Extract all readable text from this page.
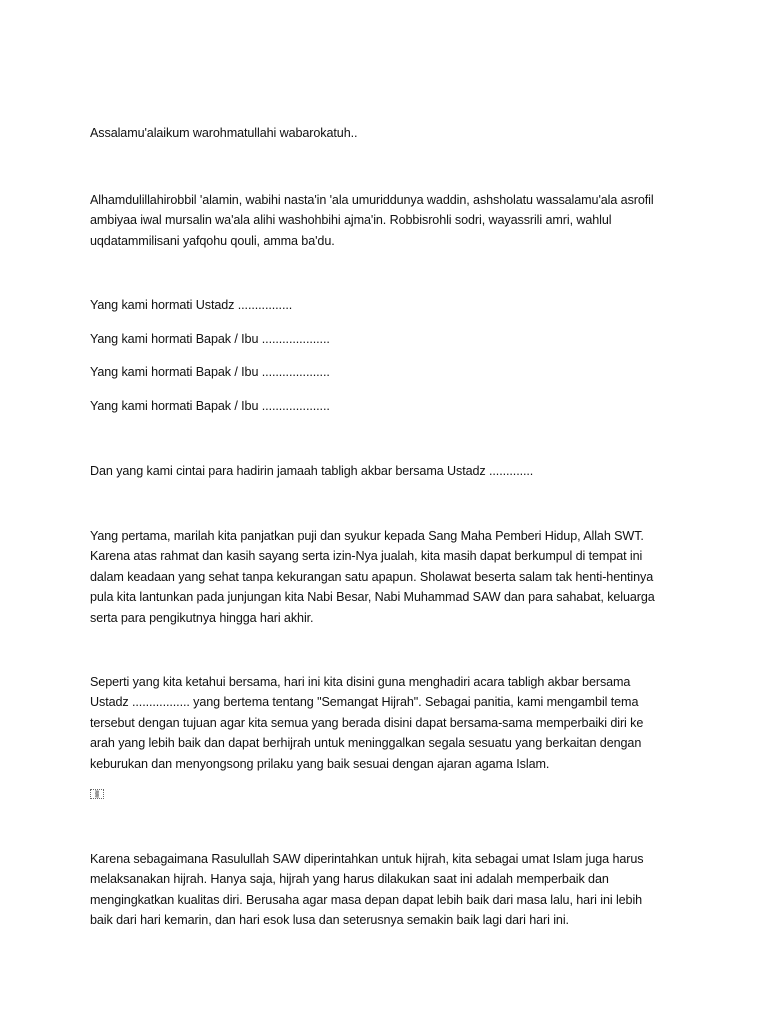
Assalamu'alaikum warohmatullahi wabarokatuh..

Alhamdulillahirobbil 'alamin, wabihi nasta'in 'ala umuriddunya waddin, ashsholatu wassalamu'ala asrofil
ambiyaa iwal mursalin wa'ala alihi washohbihi ajma'in. Robbisrohli sodri, wayassrili amri, wahlul
uqdatammilisani yafqohu qouli, amma ba'du.

Yang kami hormati Ustadz ................

Yang kami hormati Bapak / Ibu ....................

Yang kami hormati Bapak / Ibu ....................

Yang kami hormati Bapak / Ibu ....................

Dan yang kami cintai para hadirin jamaah tabligh akbar bersama Ustadz .............

Yang pertama, marilah kita panjatkan puji dan syukur kepada Sang Maha Pemberi Hidup, Allah SWT.
Karena atas rahmat dan kasih sayang serta izin-Nya jualah, kita masih dapat berkumpul di tempat ini
dalam keadaan yang sehat tanpa kekurangan satu apapun. Sholawat beserta salam tak henti-hentinya
pula kita lantunkan pada junjungan kita Nabi Besar, Nabi Muhammad SAW dan para sahabat, keluarga
serta para pengikutnya hingga hari akhir.

Seperti yang kita ketahui bersama, hari ini kita disini guna menghadiri acara tabligh akbar bersama
Ustadz ................. yang bertema tentang "Semangat Hijrah". Sebagai panitia, kami mengambil tema
tersebut dengan tujuan agar kita semua yang berada disini dapat bersama-sama memperbaiki diri ke
arah yang lebih baik dan dapat berhijrah untuk meninggalkan segala sesuatu yang berkaitan dengan
keburukan dan menyongsong prilaku yang baik sesuai dengan ajaran agama Islam.

▒

Karena sebagaimana Rasulullah SAW diperintahkan untuk hijrah, kita sebagai umat Islam juga harus
melaksanakan hijrah. Hanya saja, hijrah yang harus dilakukan saat ini adalah memperbaik dan
mengingkatkan kualitas diri. Berusaha agar masa depan dapat lebih baik dari masa lalu, hari ini lebih
baik dari hari kemarin, dan hari esok lusa dan seterusnya semakin baik lagi dari hari ini.
